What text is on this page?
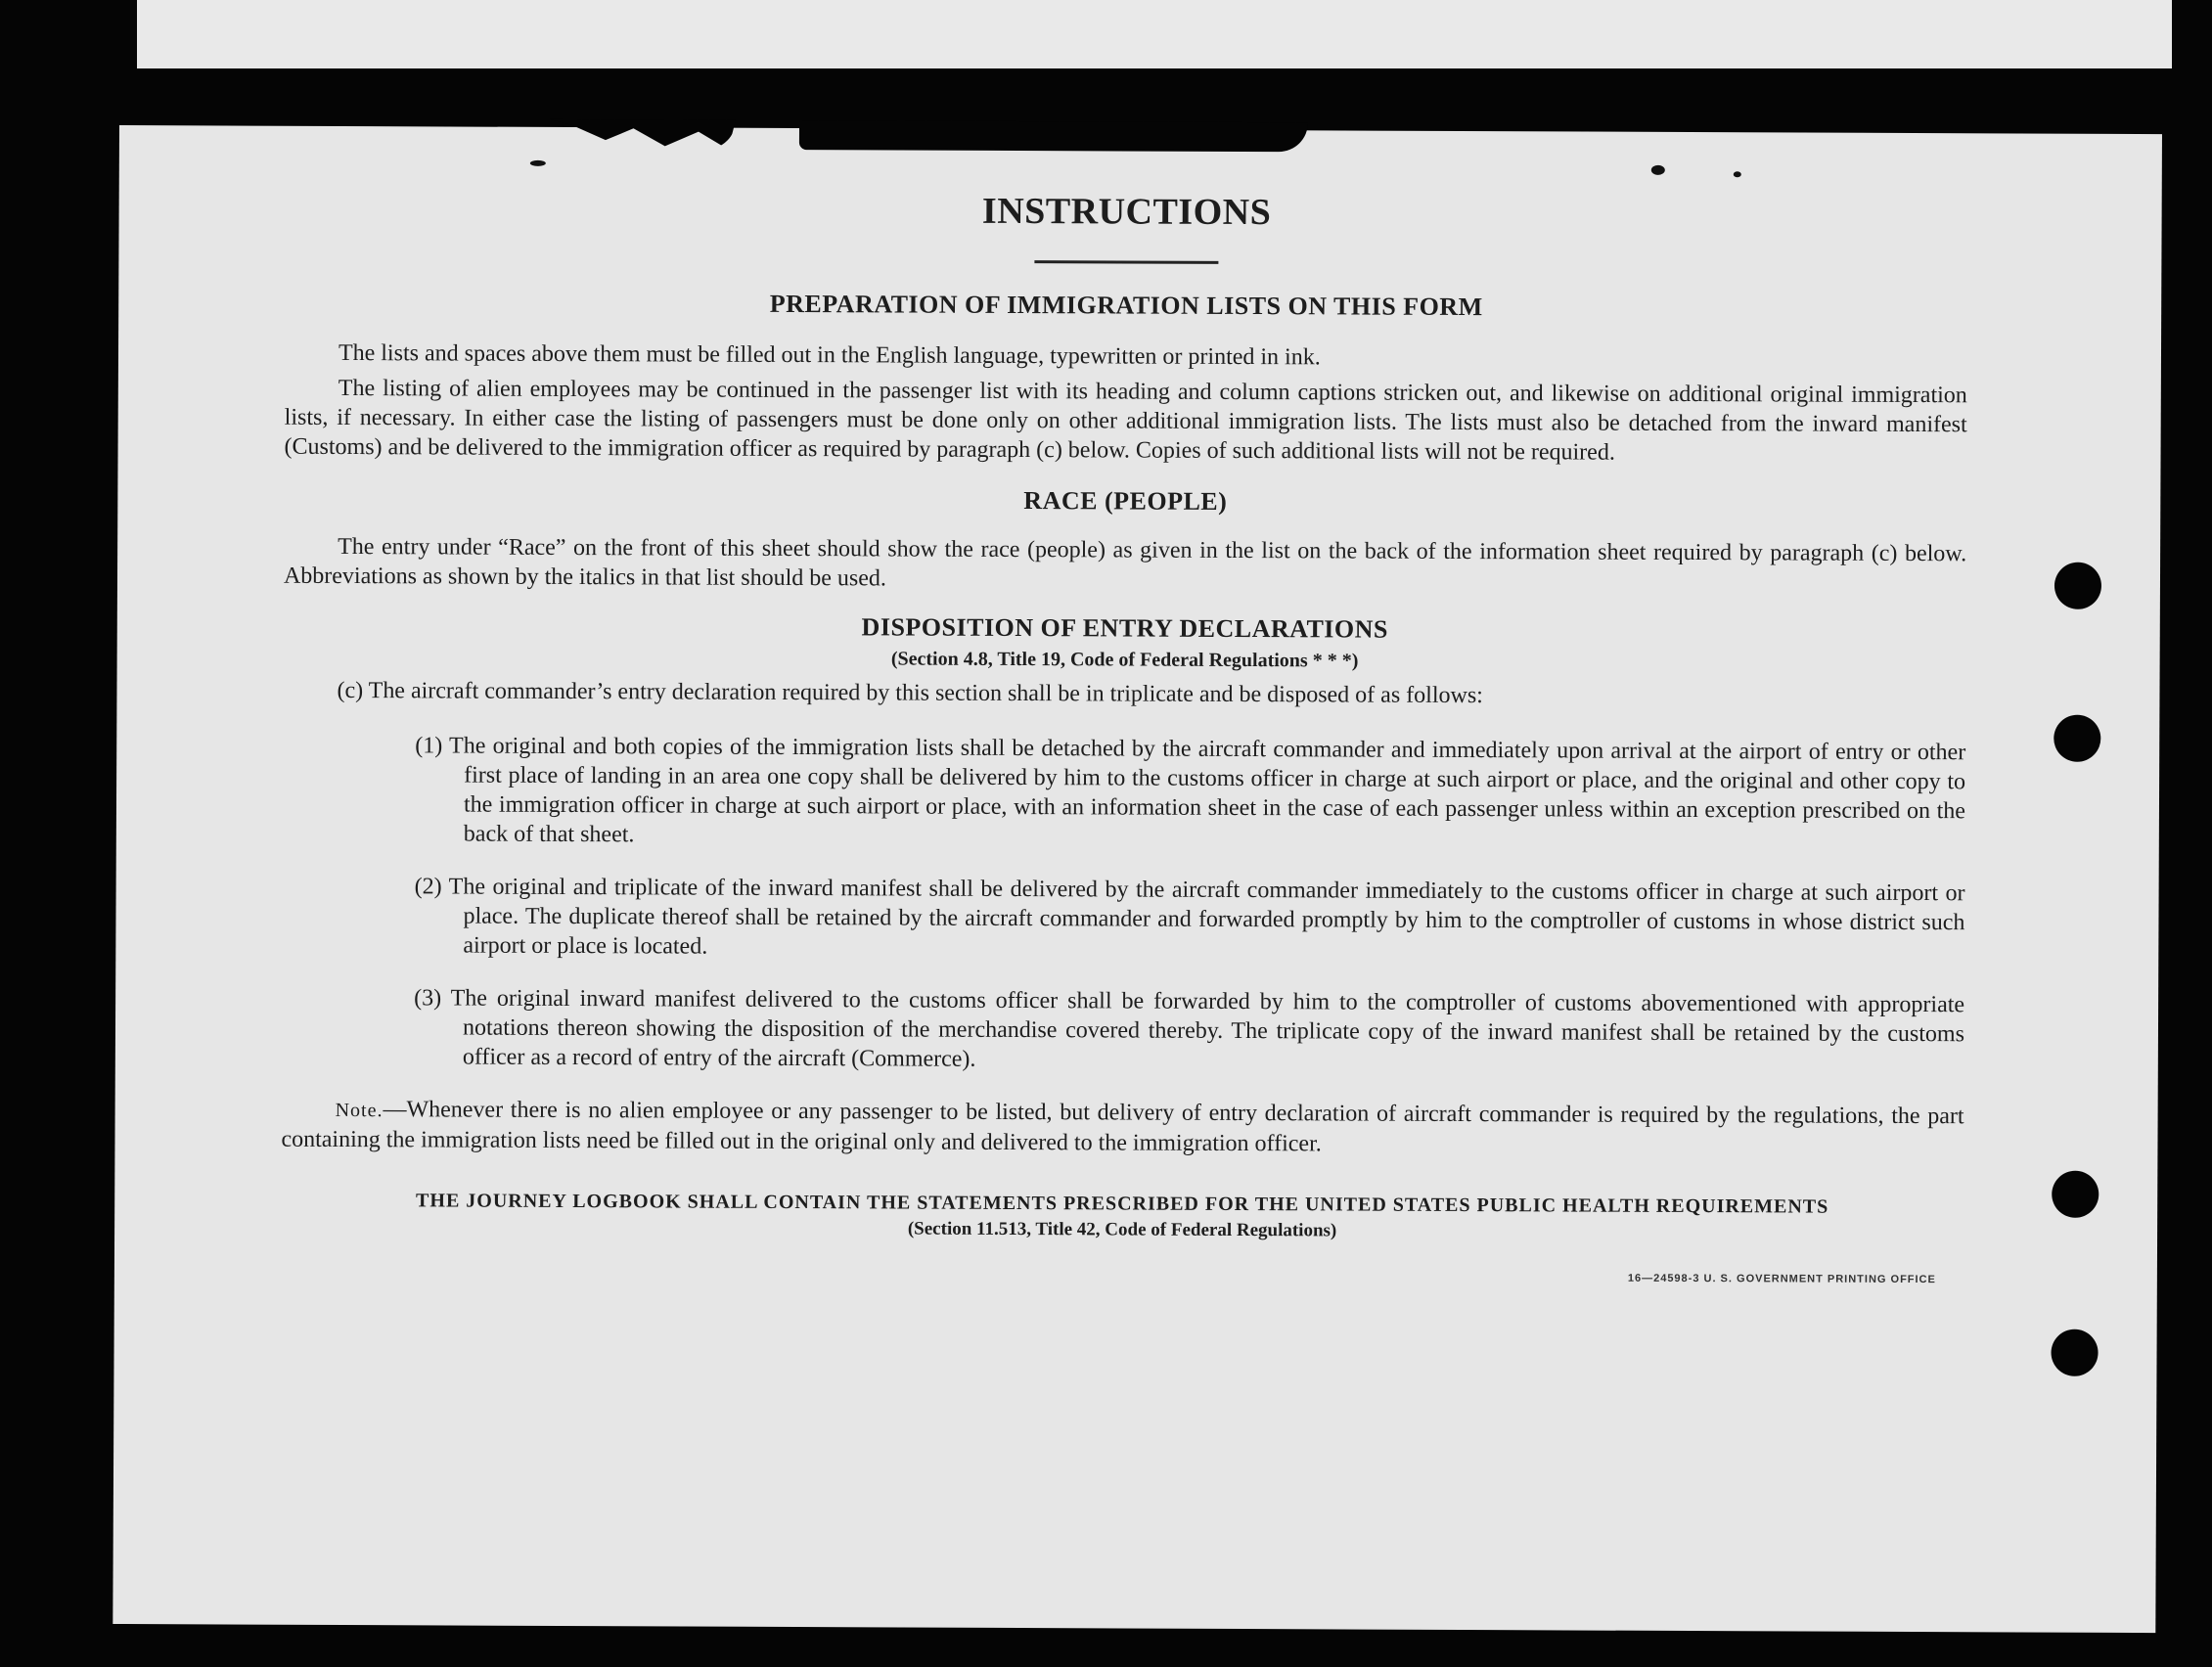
INSTRUCTIONS
PREPARATION OF IMMIGRATION LISTS ON THIS FORM

The lists and spaces above them must be filled out in the English language, typewritten or printed in ink.

The listing of alien employees may be continued in the passenger list with its heading and column captions stricken out, and likewise on additional original immigration lists, if necessary. In either case the listing of passengers must be done only on other additional immigration lists. The lists must also be detached from the inward manifest (Customs) and be delivered to the immigration officer as required by paragraph (c) below. Copies of such additional lists will not be required.

RACE (PEOPLE)

The entry under “Race” on the front of this sheet should show the race (people) as given in the list on the back of the information sheet required by paragraph (c) below. Abbreviations as shown by the italics in that list should be used.

DISPOSITION OF ENTRY DECLARATIONS
(Section 4.8, Title 19, Code of Federal Regulations * * *)

(c) The aircraft commander’s entry declaration required by this section shall be in triplicate and be disposed of as follows:

(1) The original and both copies of the immigration lists shall be detached by the aircraft commander and immediately upon arrival at the airport of entry or other first place of landing in an area one copy shall be delivered by him to the customs officer in charge at such airport or place, and the original and other copy to the immigration officer in charge at such airport or place, with an information sheet in the case of each passenger unless within an exception prescribed on the back of that sheet.

(2) The original and triplicate of the inward manifest shall be delivered by the aircraft commander immediately to the customs officer in charge at such airport or place. The duplicate thereof shall be retained by the aircraft commander and forwarded promptly by him to the comptroller of customs in whose district such airport or place is located.

(3) The original inward manifest delivered to the customs officer shall be forwarded by him to the comptroller of customs abovementioned with appropriate notations thereon showing the disposition of the merchandise covered thereby. The triplicate copy of the inward manifest shall be retained by the customs officer as a record of entry of the aircraft (Commerce).

Note.—Whenever there is no alien employee or any passenger to be listed, but delivery of entry declaration of aircraft commander is required by the regulations, the part containing the immigration lists need be filled out in the original only and delivered to the immigration officer.

THE JOURNEY LOGBOOK SHALL CONTAIN THE STATEMENTS PRESCRIBED FOR THE UNITED STATES PUBLIC HEALTH REQUIREMENTS
(Section 11.513, Title 42, Code of Federal Regulations)
16—24598-3 U. S. GOVERNMENT PRINTING OFFICE
